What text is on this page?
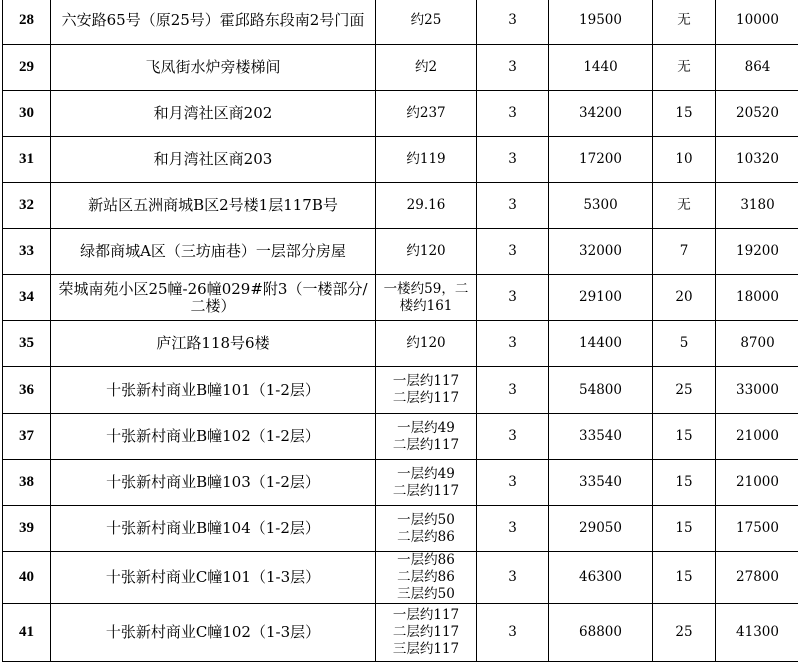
28	六安路65号（原25号）霍邱路东段南2号门面	约25	3	19500	无	10000
29	飞凤街水炉旁楼梯间	约2	3	1440	无	864
30	和月湾社区商202	约237	3	34200	15	20520
31	和月湾社区商203	约119	3	17200	10	10320
32	新站区五洲商城B区2号楼1层117B号	29.16	3	5300	无	3180
33	绿都商城A区（三坊庙巷）一层部分房屋	约120	3	32000	7	19200
34	荣城南苑小区25幢-26幢029#附3（一楼部分/二楼）	一楼约59，二
楼约161	3	29100	20	18000
35	庐江路118号6楼	约120	3	14400	5	8700
36	十张新村商业B幢101（1-2层）	一层约117
二层约117	3	54800	25	33000
37	十张新村商业B幢102（1-2层）	一层约49
二层约117	3	33540	15	21000
38	十张新村商业B幢103（1-2层）	一层约49
二层约117	3	33540	15	21000
39	十张新村商业B幢104（1-2层）	一层约50
二层约86	3	29050	15	17500
40	十张新村商业C幢101（1-3层）	一层约86
二层约86
三层约50	3	46300	15	27800
41	十张新村商业C幢102（1-3层）	一层约117
二层约117
三层约117	3	68800	25	41300
